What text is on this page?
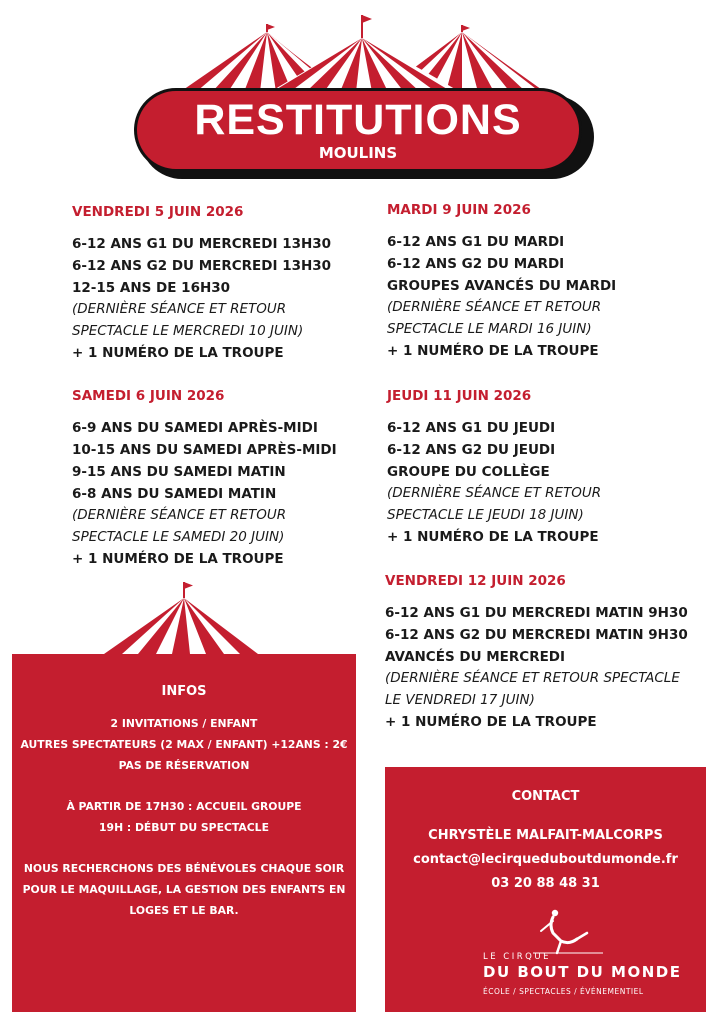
RESTITUTIONS
MOULINS
VENDREDI 5 JUIN 2026
6-12 ANS G1 DU MERCREDI 13H30
6-12 ANS G2 DU MERCREDI 13H30
12-15 ANS DE 16H30
(DERNIÈRE SÉANCE ET RETOUR
SPECTACLE LE MERCREDI 10 JUIN)
+ 1 NUMÉRO DE LA TROUPE
MARDI 9 JUIN 2026
6-12 ANS G1 DU MARDI
6-12 ANS G2 DU MARDI
GROUPES AVANCÉS DU MARDI
(DERNIÈRE SÉANCE ET RETOUR
SPECTACLE LE MARDI 16 JUIN)
+ 1 NUMÉRO DE LA TROUPE
SAMEDI 6 JUIN 2026
6-9 ANS DU SAMEDI APRÈS-MIDI
10-15 ANS DU SAMEDI APRÈS-MIDI
9-15 ANS DU SAMEDI MATIN
6-8 ANS DU SAMEDI MATIN
(DERNIÈRE SÉANCE ET RETOUR
SPECTACLE LE SAMEDI 20 JUIN)
+ 1 NUMÉRO DE LA TROUPE
JEUDI 11 JUIN 2026
6-12 ANS G1 DU JEUDI
6-12 ANS G2 DU JEUDI
GROUPE DU COLLÈGE
(DERNIÈRE SÉANCE ET RETOUR
SPECTACLE LE JEUDI 18 JUIN)
+ 1 NUMÉRO DE LA TROUPE
VENDREDI 12 JUIN 2026
6-12 ANS G1 DU MERCREDI MATIN 9H30
6-12 ANS G2 DU MERCREDI MATIN 9H30
AVANCÉS DU MERCREDI
(DERNIÈRE SÉANCE ET RETOUR SPECTACLE
LE VENDREDI 17 JUIN)
+ 1 NUMÉRO DE LA TROUPE
INFOS
2 INVITATIONS / ENFANT
AUTRES SPECTATEURS (2 MAX / ENFANT) +12ANS : 2€
PAS DE RÉSERVATION
À PARTIR DE 17H30 : ACCUEIL GROUPE
19H : DÉBUT DU SPECTACLE
NOUS RECHERCHONS DES BÉNÉVOLES CHAQUE SOIR
POUR LE MAQUILLAGE, LA GESTION DES ENFANTS EN
LOGES ET LE BAR.
CONTACT
CHRYSTÈLE MALFAIT-MALCORPS
contact@lecirqueduboutdumonde.fr
03 20 88 48 31
LE CIRQUE
DU BOUT DU MONDE
ÉCOLE / SPECTACLES / ÉVÉNEMENTIEL
